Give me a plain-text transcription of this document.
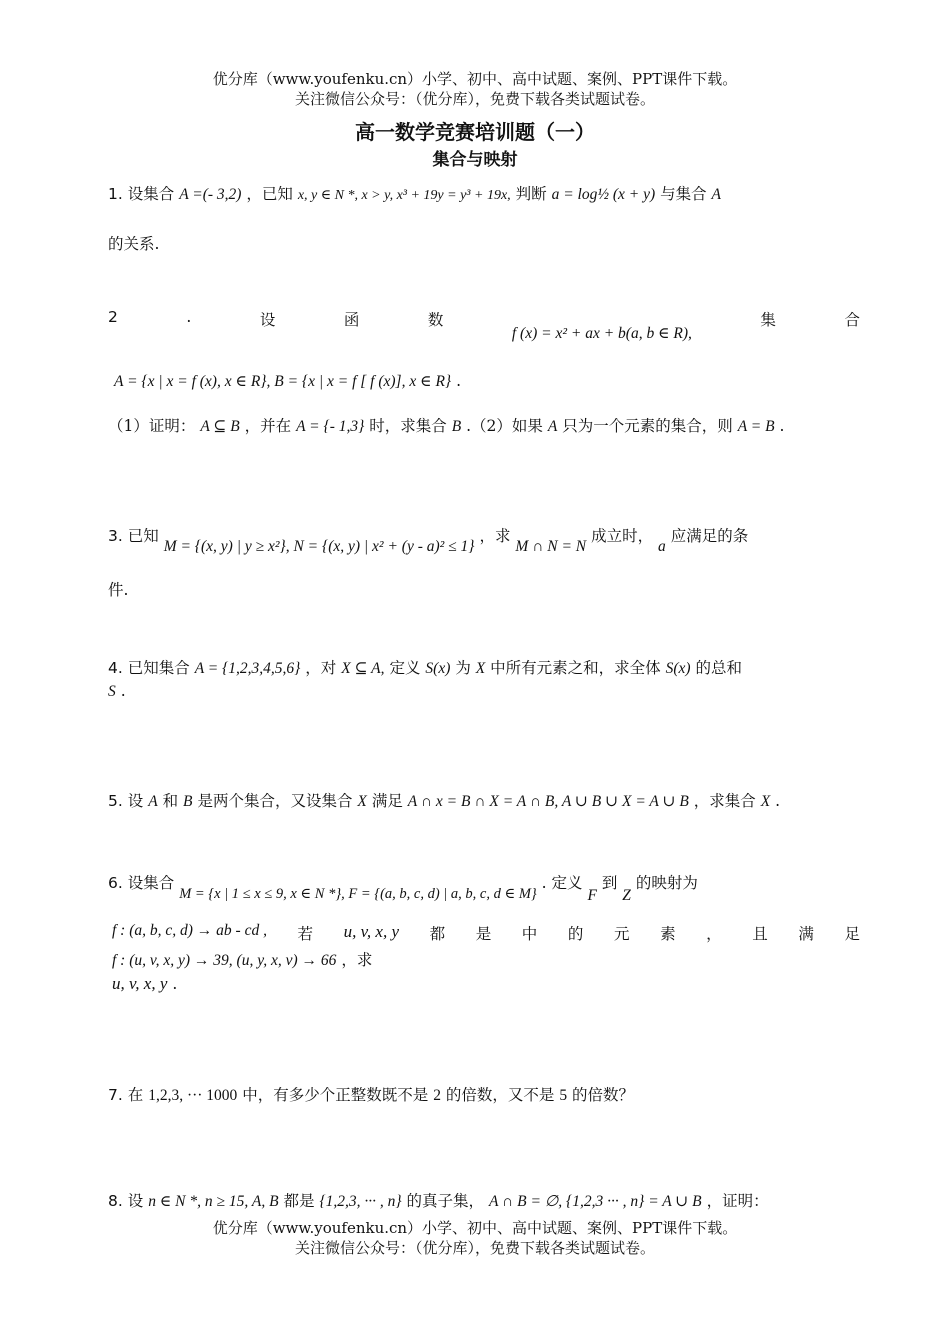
优分库（www.youfenku.cn）小学、初中、高中试题、案例、PPT课件下载。
关注微信公众号：（优分库），免费下载各类试题试卷。
高一数学竞赛培训题（一）
集合与映射
1. 设集合 A =(- 3,2) ，已知 x, y ∈ N *, x > y, x³ + 19y = y³ + 19x, 判断 a = log½ (x + y) 与集合 A
的关系.
2	.	设	函	数
f (x) = x² + ax + b(a, b ∈ R),
集	合
A = {x | x = f (x), x ∈ R}, B = {x | x = f [ f (x)], x ∈ R} .
（1）证明： A ⊆ B ，并在 A = {- 1,3} 时，求集合 B .（2）如果 A 只为一个元素的集合，则 A = B .
3. 已知 M = {(x, y) | y ≥ x²}, N = {(x, y) | x² + (y - a)² ≤ 1} ，求 M ∩ N = N 成立时， a 应满足的条
件.
4. 已知集合 A = {1,2,3,4,5,6} ，对 X ⊆ A, 定义 S(x) 为 X 中所有元素之和，求全体 S(x) 的总和
S .
5. 设 A 和 B 是两个集合，又设集合 X 满足 A ∩ x = B ∩ X = A ∩ B, A ∪ B ∪ X = A ∪ B ，求集合 X .
6. 设集合 M = {x | 1 ≤ x ≤ 9, x ∈ N *}, F = {(a, b, c, d) | a, b, c, d ∈ M} . 定义 F 到 Z 的映射为
f : (a, b, c, d) → ab - cd , 若 u, v, x, y 都 是 中 的 元 素 ， 且 满 足
f : (u, v, x, y) → 39, (u, y, x, v) → 66 ，求
u, v, x, y .
7. 在 1,2,3, ··· 1000 中，有多少个正整数既不是 2 的倍数，又不是 5 的倍数？
8. 设 n ∈ N *, n ≥ 15, A, B 都是 {1,2,3, ··· , n} 的真子集， A ∩ B = ∅, {1,2,3 ··· , n} = A ∪ B ，证明：
优分库（www.youfenku.cn）小学、初中、高中试题、案例、PPT课件下载。
关注微信公众号：（优分库），免费下载各类试题试卷。
